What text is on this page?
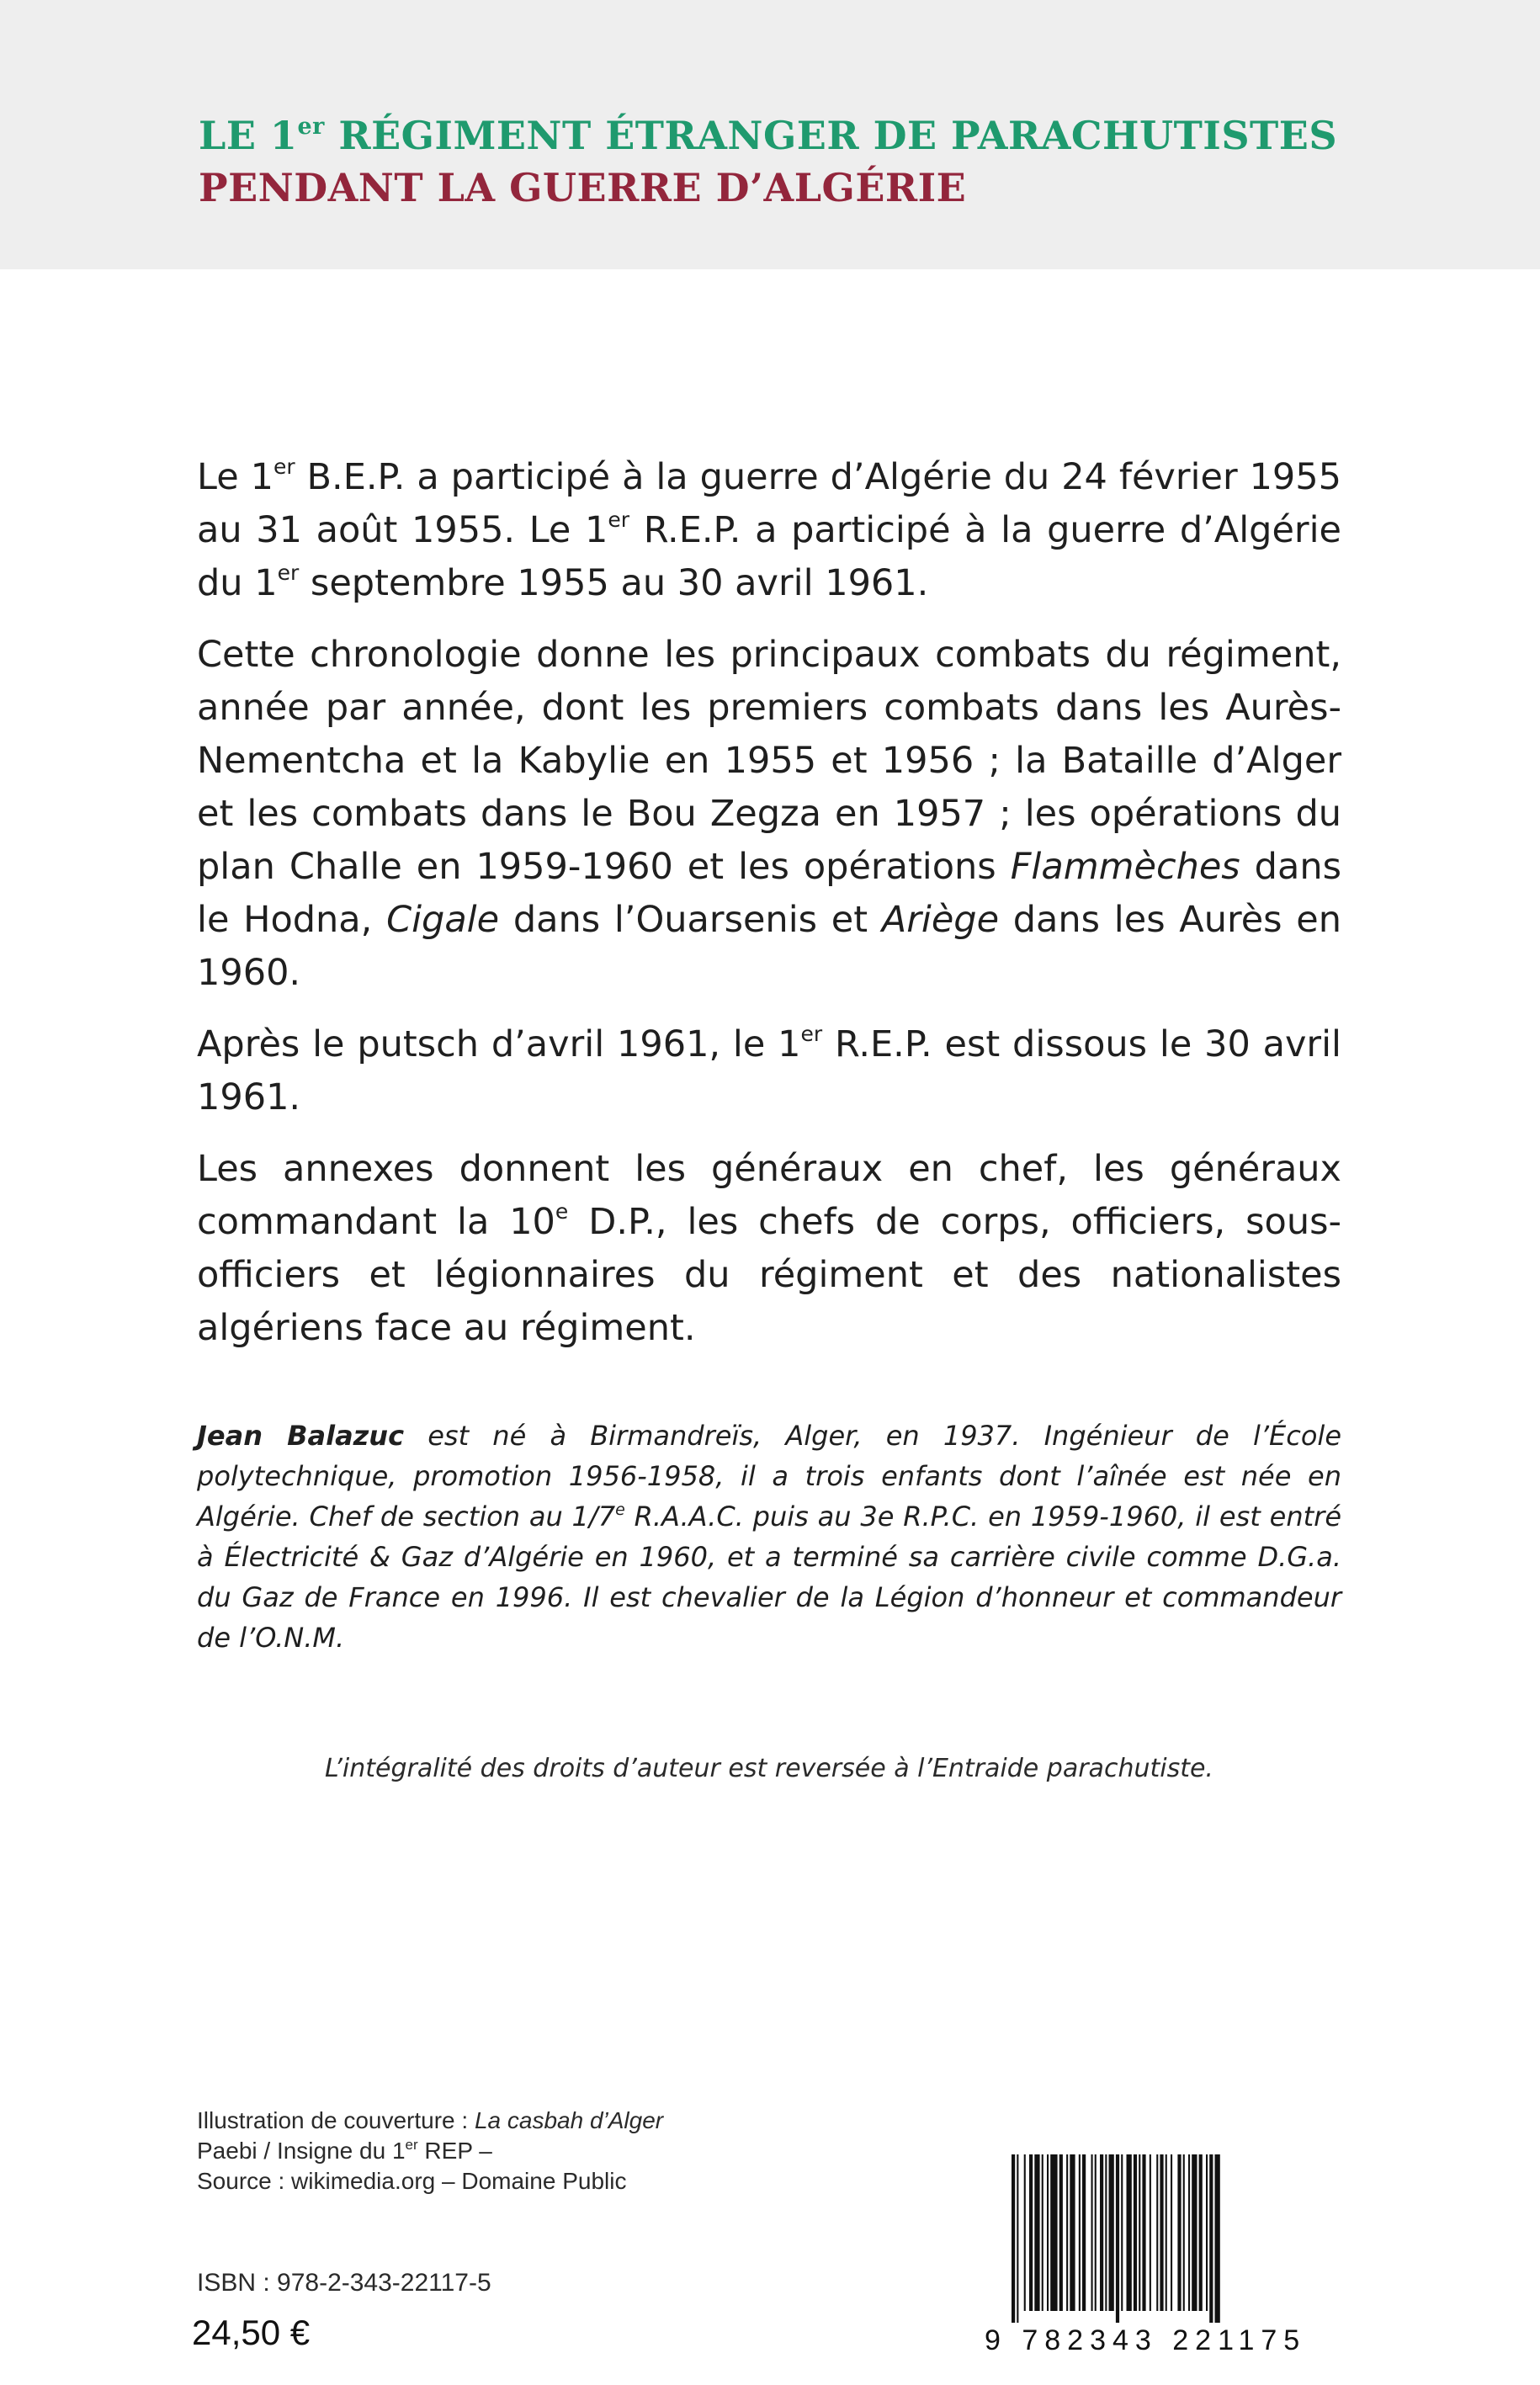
LE 1er RÉGIMENT ÉTRANGER DE PARACHUTISTES
PENDANT LA GUERRE D’ALGÉRIE

Le 1er B.E.P. a participé à la guerre d’Algérie du 24 février 1955 au 31 août 1955. Le 1er R.E.P. a participé à la guerre d’Algérie du 1er septembre 1955 au 30 avril 1961.

Cette chronologie donne les principaux combats du régiment, année par année, dont les premiers combats dans les Aurès-Nementcha et la Kabylie en 1955 et 1956 ; la Bataille d’Alger et les combats dans le Bou Zegza en 1957 ; les opérations du plan Challe en 1959-1960 et les opérations Flammèches dans le Hodna, Cigale dans l’Ouarsenis et Ariège dans les Aurès en 1960.

Après le putsch d’avril 1961, le 1er R.E.P. est dissous le 30 avril 1961.

Les annexes donnent les généraux en chef, les généraux commandant la 10e D.P., les chefs de corps, officiers, sous-officiers et légionnaires du régiment et des nationalistes algériens face au régiment.

Jean Balazuc est né à Birmandreïs, Alger, en 1937. Ingénieur de l’École polytechnique, promotion 1956-1958, il a trois enfants dont l’aînée est née en Algérie. Chef de section au 1/7e R.A.A.C. puis au 3e R.P.C. en 1959-1960, il est entré à Électricité & Gaz d’Algérie en 1960, et a terminé sa carrière civile comme D.G.a. du Gaz de France en 1996. Il est chevalier de la Légion d’honneur et commandeur de l’O.N.M.

L’intégralité des droits d’auteur est reversée à l’Entraide parachutiste.

Illustration de couverture : La casbah d’Alger
Paebi / Insigne du 1er REP –
Source : wikimedia.org – Domaine Public
ISBN : 978-2-343-22117-5
24,50 €	9 782343 221175
